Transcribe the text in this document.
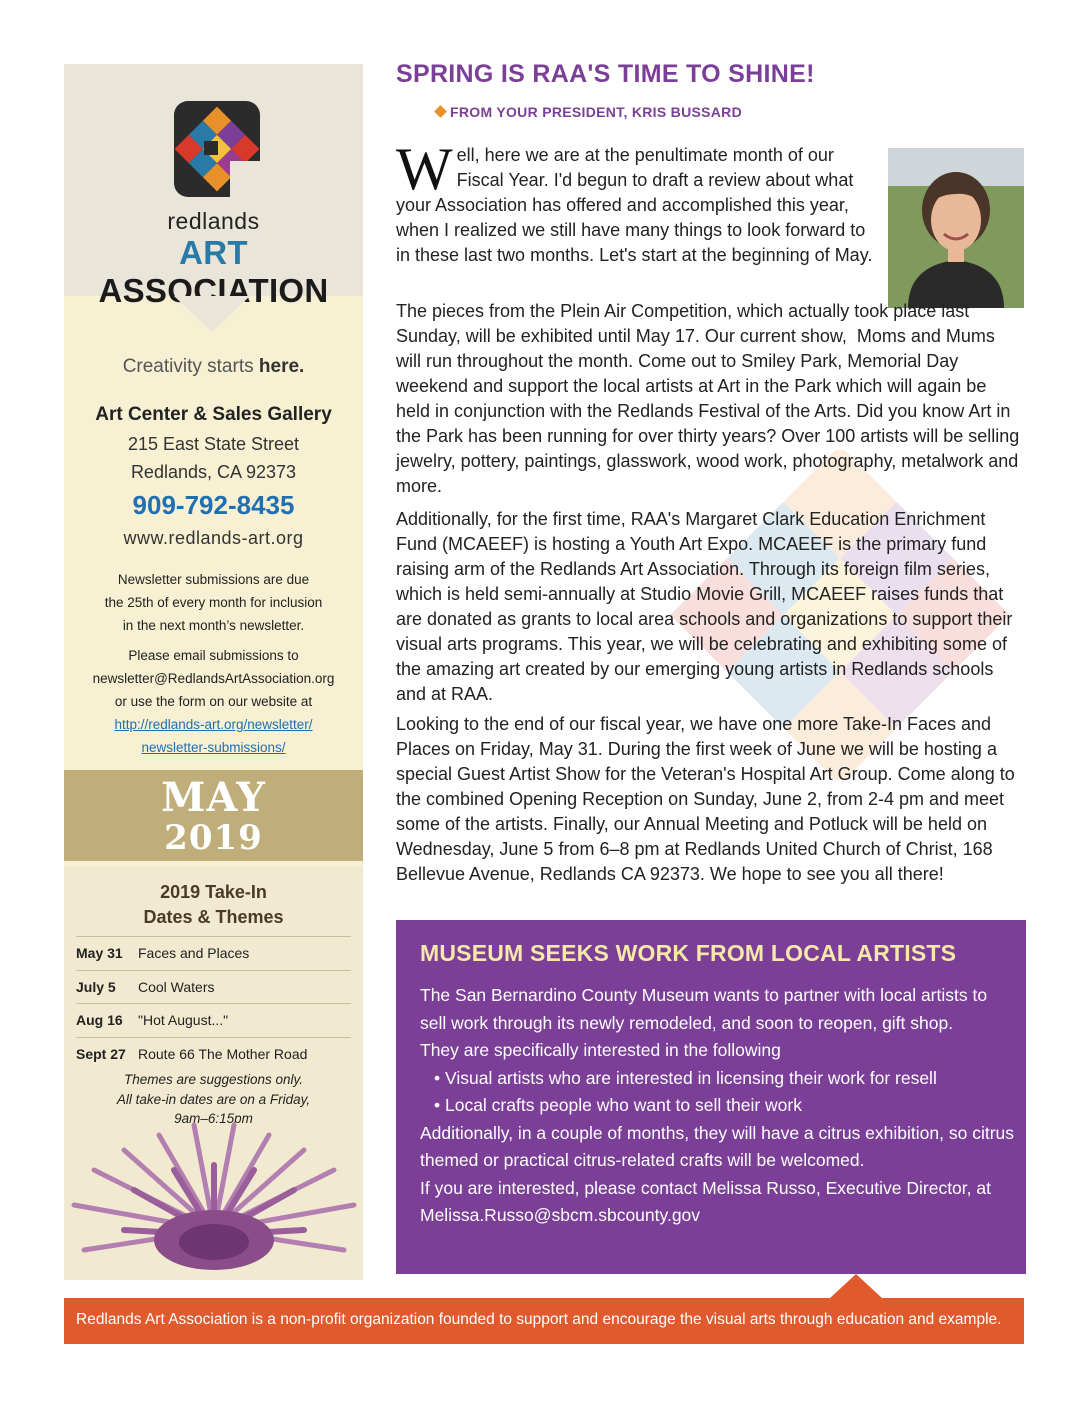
redlands
ART ASSOCIATION
Creativity starts here.
Art Center & Sales Gallery
215 East State Street
Redlands, CA 92373
909-792-8435
www.redlands-art.org
Newsletter submissions are due
the 25th of every month for inclusion
in the next month’s newsletter.
Please email submissions to
newsletter@RedlandsArtAssociation.org
or use the form on our website at
http://redlands-art.org/newsletter/
newsletter-submissions/
MAY
2019
2019 Take-In
Dates & Themes
May 31	Faces and Places
July 5	Cool Waters
Aug 16	"Hot August..."
Sept 27 Route 66 The Mother Road
Themes are suggestions only.
All take-in dates are on a Friday,
9am–6:15pm
SPRING IS RAA'S TIME TO SHINE!
FROM YOUR PRESIDENT, KRIS BUSSARD
Well, here we are at the penultimate month of our Fiscal Year. I'd begun to draft a review about what your Association has offered and accomplished this year, when I realized we still have many things to look forward to in these last two months. Let's start at the beginning of May.
The pieces from the Plein Air Competition, which actually took place last Sunday, will be exhibited until May 17. Our current show,  Moms and Mums  will run throughout the month. Come out to Smiley Park, Memorial Day weekend and support the local artists at Art in the Park which will again be held in conjunction with the Redlands Festival of the Arts. Did you know Art in the Park has been running for over thirty years? Over 100 artists will be selling jewelry, pottery, paintings, glasswork, wood work, photography, metalwork and more.
Additionally, for the first time, RAA's Margaret Clark Education Enrichment Fund (MCAEEF) is hosting a Youth Art Expo. MCAEEF is the primary fund raising arm of the Redlands Art Association. Through its foreign film series, which is held semi-annually at Studio Movie Grill, MCAEEF raises funds that are donated as grants to local area schools and organizations to support their visual arts programs. This year, we will be celebrating and exhibiting some of the amazing art created by our emerging young artists in Redlands schools and at RAA.
Looking to the end of our fiscal year, we have one more Take-In Faces and Places on Friday, May 31. During the first week of June we will be hosting a special Guest Artist Show for the Veteran's Hospital Art Group. Come along to the combined Opening Reception on Sunday, June 2, from 2-4 pm and meet some of the artists. Finally, our Annual Meeting and Potluck will be held on Wednesday, June 5 from 6–8 pm at Redlands United Church of Christ, 168 Bellevue Avenue, Redlands CA 92373. We hope to see you all there!
MUSEUM SEEKS WORK FROM LOCAL ARTISTS
The San Bernardino County Museum wants to partner with local artists to sell work through its newly remodeled, and soon to reopen, gift shop.
They are specifically interested in the following
• Visual artists who are interested in licensing their work for resell
• Local crafts people who want to sell their work
Additionally, in a couple of months, they will have a citrus exhibition, so citrus themed or practical citrus-related crafts will be welcomed.
If you are interested, please contact Melissa Russo, Executive Director, at Melissa.Russo@sbcm.sbcounty.gov
Redlands Art Association is a non-profit organization founded to support and encourage the visual arts through education and example.
